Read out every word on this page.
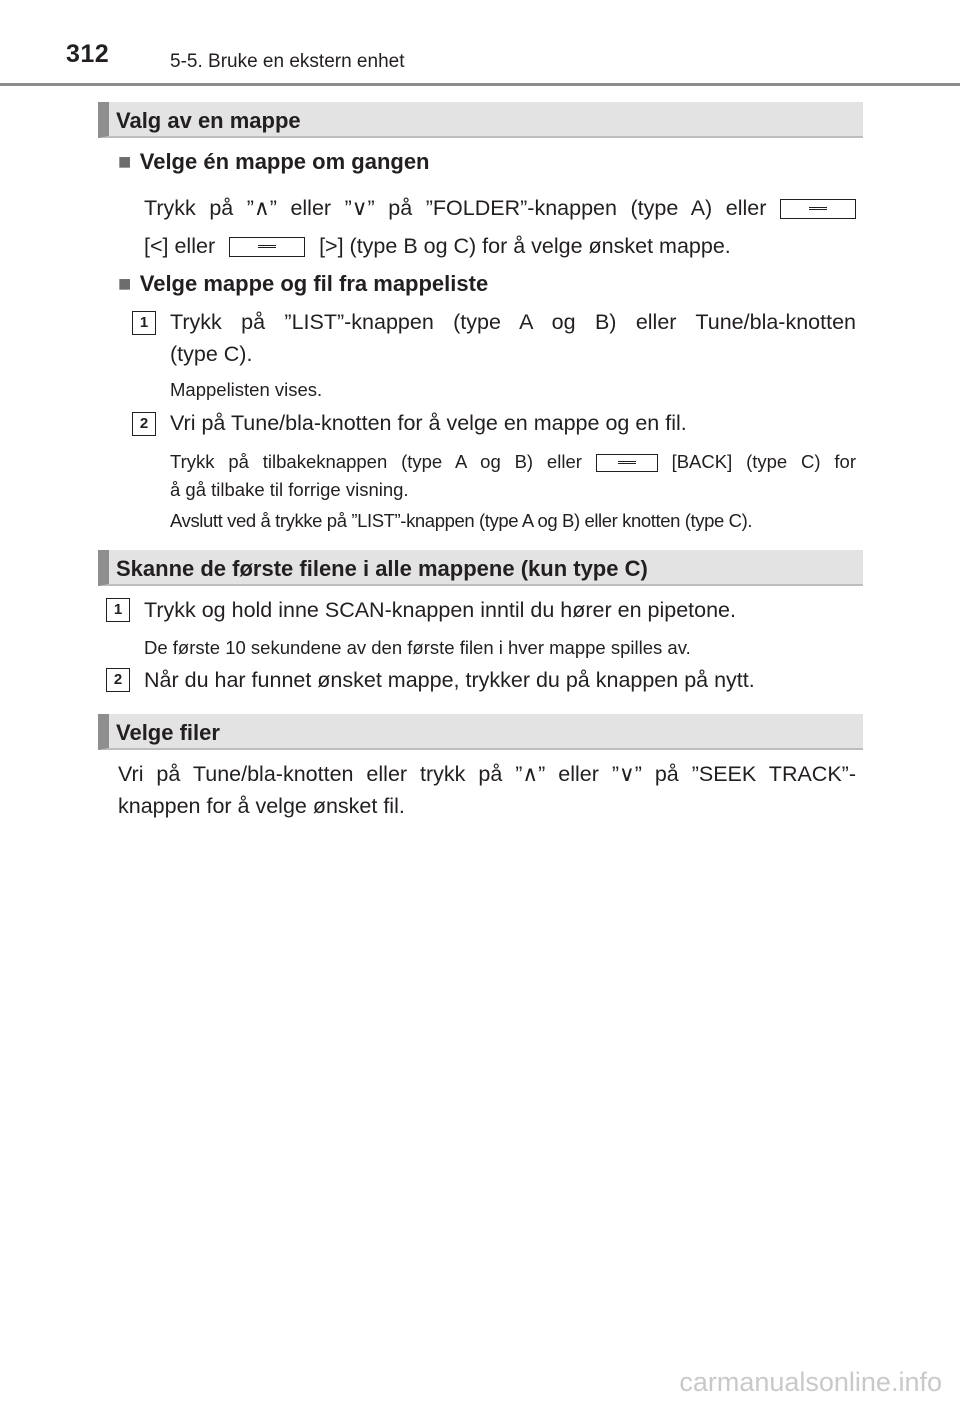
312	5-5. Bruke en ekstern enhet
Valg av en mappe
■ Velge én mappe om gangen
Trykk på ”∧” eller ”∨” på ”FOLDER”-knappen (type A) eller
[<] eller	[>] (type B og C) for å velge ønsket mappe.
■ Velge mappe og fil fra mappeliste
1	Trykk på ”LIST”-knappen (type A og B) eller Tune/bla-knotten
(type C).
Mappelisten vises.
2	Vri på Tune/bla-knotten for å velge en mappe og en fil.
Trykk på tilbakeknappen (type A og B) eller	[BACK] (type C) for
å gå tilbake til forrige visning.
Avslutt ved å trykke på ”LIST”-knappen (type A og B) eller knotten (type C).
Skanne de første filene i alle mappene (kun type C)
1	Trykk og hold inne SCAN-knappen inntil du hører en pipetone.
De første 10 sekundene av den første filen i hver mappe spilles av.
2	Når du har funnet ønsket mappe, trykker du på knappen på nytt.
Velge filer
Vri på Tune/bla-knotten eller trykk på ”∧” eller ”∨” på ”SEEK TRACK”-
knappen for å velge ønsket fil.
carmanualsonline.info
